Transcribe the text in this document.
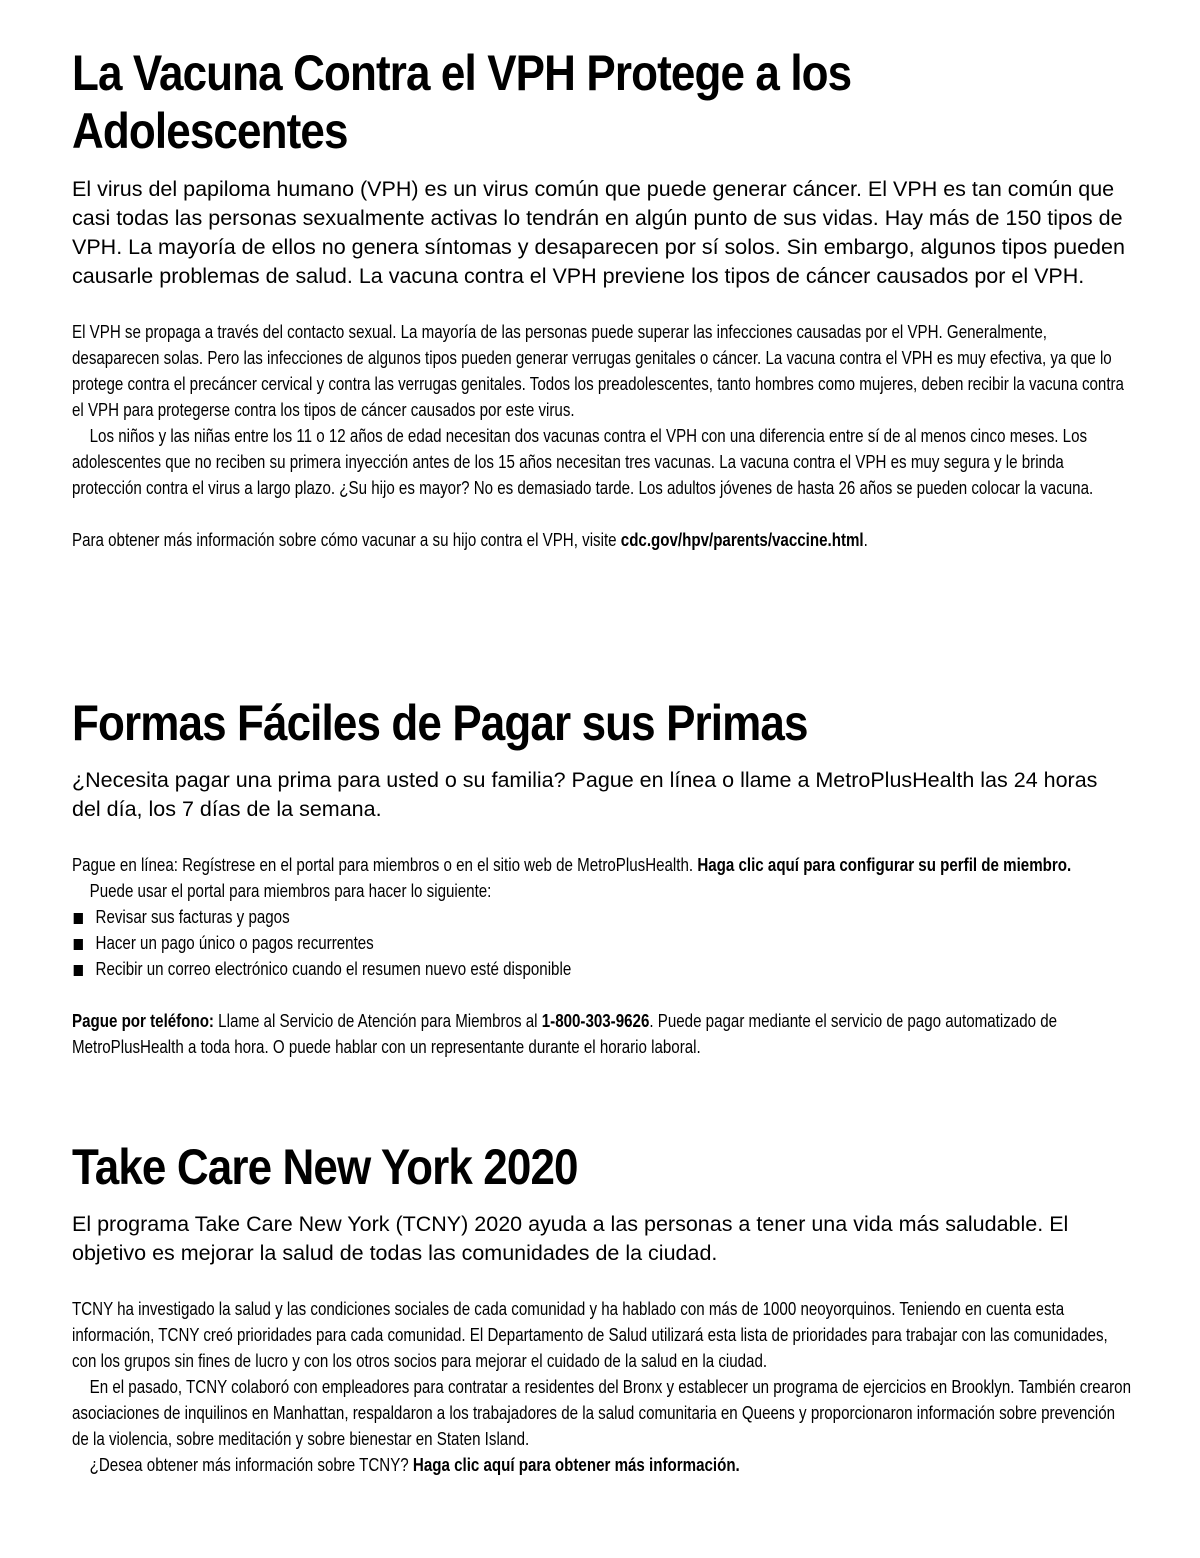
La Vacuna Contra el VPH Protege a los
Adolescentes

El virus del papiloma humano (VPH) es un virus común que puede generar cáncer. El VPH es tan común que casi todas las personas sexualmente activas lo tendrán en algún punto de sus vidas. Hay más de 150 tipos de VPH. La mayoría de ellos no genera síntomas y desaparecen por sí solos. Sin embargo, algunos tipos pueden causarle problemas de salud. La vacuna contra el VPH previene los tipos de cáncer causados por el VPH.

El VPH se propaga a través del contacto sexual. La mayoría de las personas puede superar las infecciones causadas por el VPH. Generalmente, desaparecen solas. Pero las infecciones de algunos tipos pueden generar verrugas genitales o cáncer. La vacuna contra el VPH es muy efectiva, ya que lo protege contra el precáncer cervical y contra las verrugas genitales. Todos los preadolescentes, tanto hombres como mujeres, deben recibir la vacuna contra el VPH para protegerse contra los tipos de cáncer causados por este virus.

Los niños y las niñas entre los 11 o 12 años de edad necesitan dos vacunas contra el VPH con una diferencia entre sí de al menos cinco meses. Los adolescentes que no reciben su primera inyección antes de los 15 años necesitan tres vacunas. La vacuna contra el VPH es muy segura y le brinda protección contra el virus a largo plazo. ¿Su hijo es mayor? No es demasiado tarde. Los adultos jóvenes de hasta 26 años se pueden colocar la vacuna.

Para obtener más información sobre cómo vacunar a su hijo contra el VPH, visite cdc.gov/hpv/parents/vaccine.html.

Formas Fáciles de Pagar sus Primas

¿Necesita pagar una prima para usted o su familia? Pague en línea o llame a MetroPlusHealth las 24 horas del día, los 7 días de la semana.

Pague en línea: Regístrese en el portal para miembros o en el sitio web de MetroPlusHealth. Haga clic aquí para configurar su perfil de miembro.

Puede usar el portal para miembros para hacer lo siguiente:

Revisar sus facturas y pagos
Hacer un pago único o pagos recurrentes
Recibir un correo electrónico cuando el resumen nuevo esté disponible

Pague por teléfono: Llame al Servicio de Atención para Miembros al 1-800-303-9626. Puede pagar mediante el servicio de pago automatizado de MetroPlusHealth a toda hora. O puede hablar con un representante durante el horario laboral.

Take Care New York 2020

El programa Take Care New York (TCNY) 2020 ayuda a las personas a tener una vida más saludable. El objetivo es mejorar la salud de todas las comunidades de la ciudad.

TCNY ha investigado la salud y las condiciones sociales de cada comunidad y ha hablado con más de 1000 neoyorquinos. Teniendo en cuenta esta información, TCNY creó prioridades para cada comunidad. El Departamento de Salud utilizará esta lista de prioridades para trabajar con las comunidades, con los grupos sin fines de lucro y con los otros socios para mejorar el cuidado de la salud en la ciudad.

En el pasado, TCNY colaboró con empleadores para contratar a residentes del Bronx y establecer un programa de ejercicios en Brooklyn. También crearon asociaciones de inquilinos en Manhattan, respaldaron a los trabajadores de la salud comunitaria en Queens y proporcionaron información sobre prevención de la violencia, sobre meditación y sobre bienestar en Staten Island.

¿Desea obtener más información sobre TCNY? Haga clic aquí para obtener más información.
